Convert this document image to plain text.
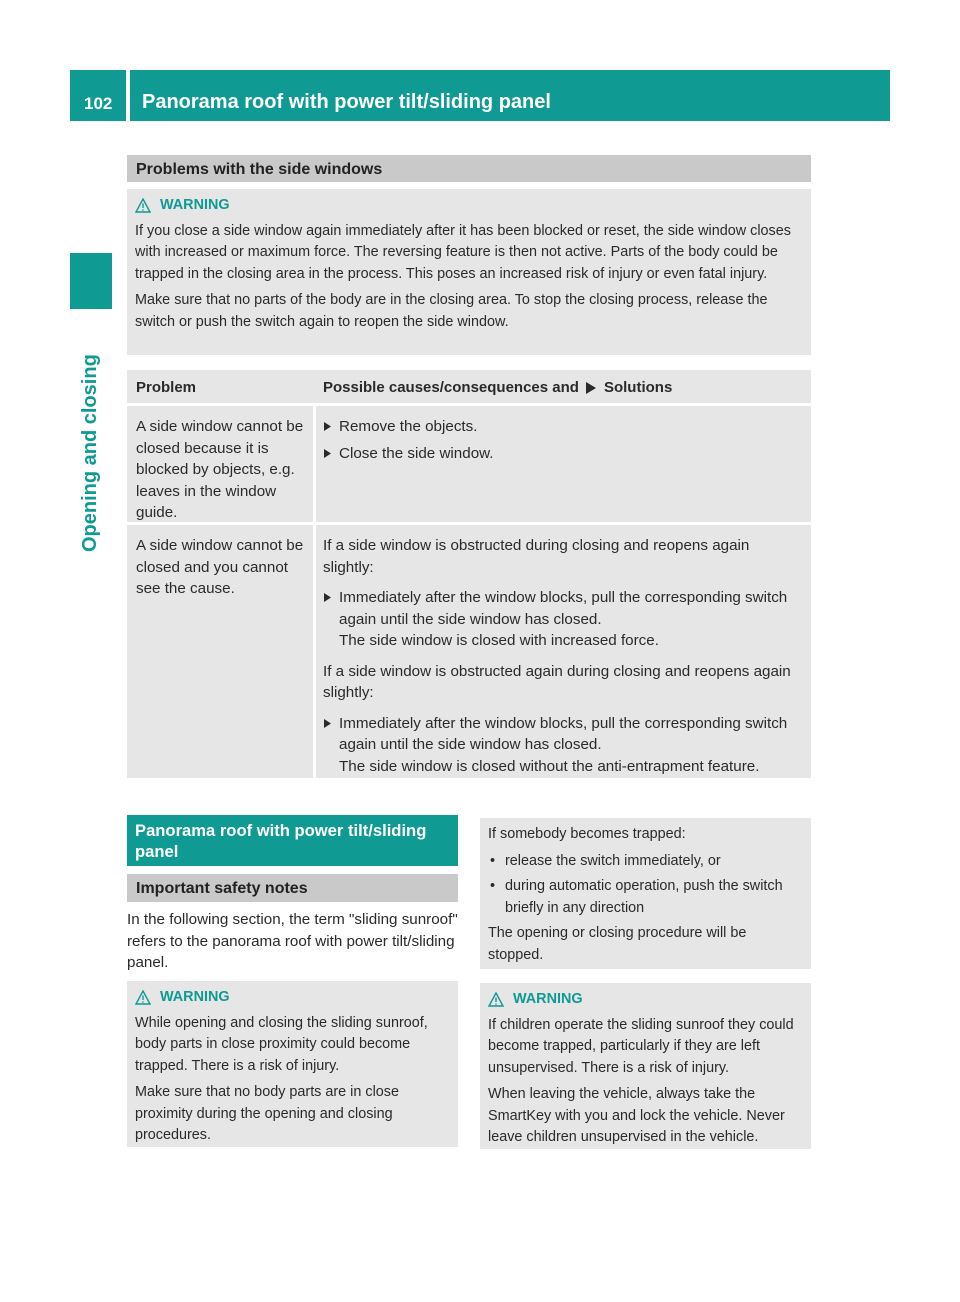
102	Panorama roof with power tilt/sliding panel
Opening and closing
Problems with the side windows
WARNING

If you close a side window again immediately after it has been blocked or reset, the side window closes with increased or maximum force. The reversing feature is then not active. Parts of the body could be trapped in the closing area in the process. This poses an increased risk of injury or even fatal injury.

Make sure that no parts of the body are in the closing area. To stop the closing process, release the switch or push the switch again to reopen the side window.

Problem	Possible causes/consequences and Solutions
A side window cannot be closed because it is blocked by objects, e.g. leaves in the window guide.
Remove the objects.
Close the side window.
A side window cannot be closed and you cannot see the cause.

If a side window is obstructed during closing and reopens again slightly:

Immediately after the window blocks, pull the corresponding switch again until the side window has closed.

The side window is closed with increased force.

If a side window is obstructed again during closing and reopens again slightly:

Immediately after the window blocks, pull the corresponding switch again until the side window has closed.

The side window is closed without the anti-entrapment feature.

Panorama roof with power tilt/sliding panel
Important safety notes
In the following section, the term "sliding sunroof" refers to the panorama roof with power tilt/sliding panel.
WARNING

While opening and closing the sliding sunroof, body parts in close proximity could become trapped. There is a risk of injury.

Make sure that no body parts are in close proximity during the opening and closing procedures.

If somebody becomes trapped:

• release the switch immediately, or
• during automatic operation, push the switch briefly in any direction

The opening or closing procedure will be stopped.

WARNING

If children operate the sliding sunroof they could become trapped, particularly if they are left unsupervised. There is a risk of injury.

When leaving the vehicle, always take the SmartKey with you and lock the vehicle. Never leave children unsupervised in the vehicle.
